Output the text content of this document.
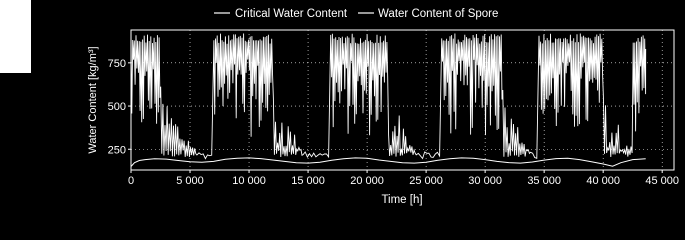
Critical Water Content	Water Content of Spore
0	5 000	10 000 15 000 20 000 25 000 30 000 35 000 40 000 45 000
250
500
750
Time [h]
Water Content [kg/m³]
